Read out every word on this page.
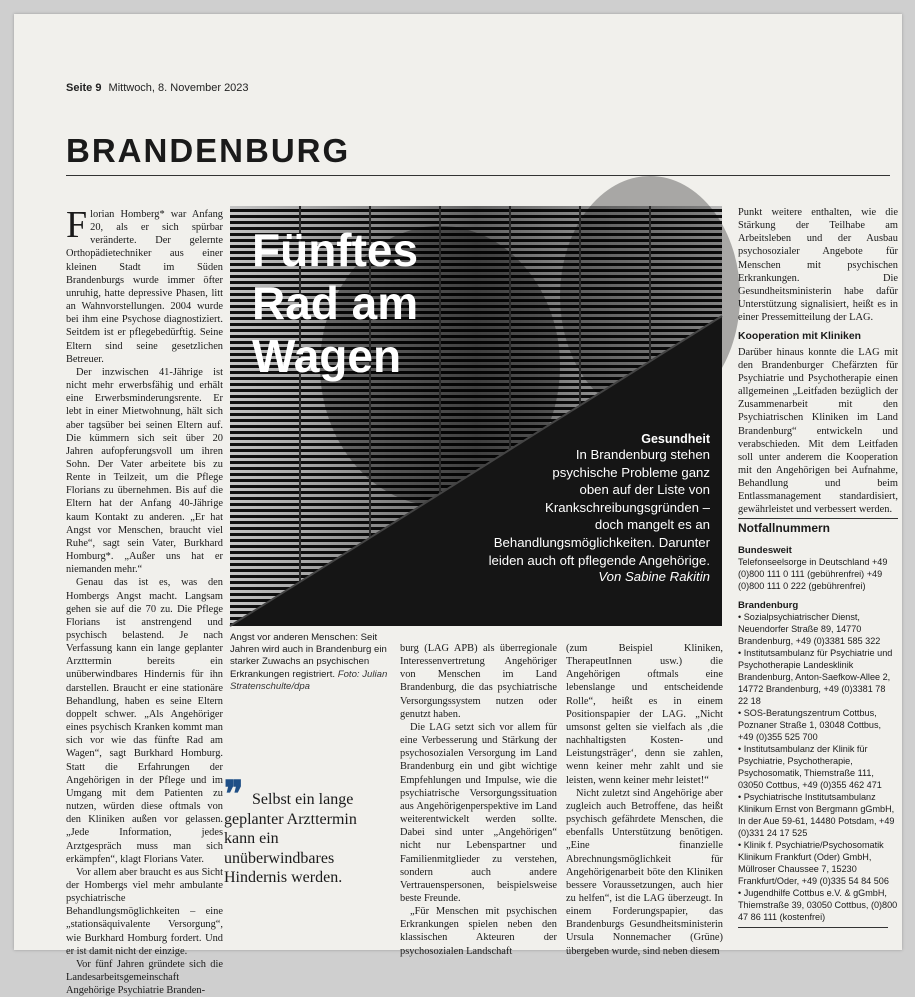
Seite 9 Mittwoch, 8. November 2023
BRANDENBURG

Florian Homberg* war Anfang 20, als er sich spürbar veränderte. Der gelernte Orthopädietechniker aus einer kleinen Stadt im Süden Brandenburgs wurde immer öfter unruhig, hatte depressive Phasen, litt an Wahnvorstellungen. 2004 wurde bei ihm eine Psychose diagnostiziert. Seitdem ist er pflegebedürftig. Seine Eltern sind seine gesetzlichen Betreuer.

Der inzwischen 41-Jährige ist nicht mehr erwerbsfähig und erhält eine Erwerbsminderungsrente. Er lebt in einer Mietwohnung, hält sich aber tagsüber bei seinen Eltern auf. Die kümmern sich seit über 20 Jahren aufopferungsvoll um ihren Sohn. Der Vater arbeitete bis zu Rente in Teilzeit, um die Pflege Florians zu übernehmen. Bis auf die Eltern hat der Anfang 40-Jährige kaum Kontakt zu anderen. „Er hat Angst vor Menschen, braucht viel Ruhe“, sagt sein Vater, Burkhard Homburg*. „Außer uns hat er niemanden mehr.“

Genau das ist es, was den Hombergs Angst macht. Langsam gehen sie auf die 70 zu. Die Pflege Florians ist anstrengend und psychisch belastend. Je nach Verfassung kann ein lange geplanter Arzttermin bereits ein unüberwindbares Hindernis für ihn darstellen. Braucht er eine stationäre Behandlung, haben es seine Eltern doppelt schwer. „Als Angehöriger eines psychisch Kranken kommt man sich vor wie das fünfte Rad am Wagen“, sagt Burkhard Homburg. Statt die Erfahrungen der Angehörigen in der Pflege und im Umgang mit dem Patienten zu nutzen, würden diese oftmals von den Kliniken außen vor gelassen. „Jede Information, jedes Arztgespräch muss man sich erkämpfen“, klagt Florians Vater.

Vor allem aber braucht es aus Sicht der Hombergs viel mehr ambulante psychiatrische Behandlungsmöglichkeiten – eine „stationsäquivalente Versorgung“, wie Burkhard Homburg fordert. Und er ist damit nicht der einzige.

Vor fünf Jahren gründete sich die Landesarbeitsgemeinschaft Angehörige Psychiatrie Branden-

Fünftes
Rad am
Wagen
Gesundheit
In Brandenburg stehen
psychische Probleme ganz
oben auf der Liste von
Krankschreibungsgründen –
doch mangelt es an
Behandlungsmöglichkeiten. Darunter
leiden auch oft pflegende Angehörige.
Von Sabine Rakitin
Angst vor anderen Menschen: Seit Jahren wird auch in Brandenburg ein starker Zuwachs an psychischen Erkrankungen registriert. Foto: Julian Stratenschulte/dpa
❞ Selbst ein lange geplanter Arzttermin kann ein unüberwindbares Hindernis werden.

burg (LAG APB) als überregionale Interessenvertretung Angehöriger von Menschen im Land Brandenburg, die das psychiatrische Versorgungssystem nutzen oder genutzt haben.

Die LAG setzt sich vor allem für eine Verbesserung und Stärkung der psychosozialen Versorgung im Land Brandenburg ein und gibt wichtige Empfehlungen und Impulse, wie die psychiatrische Versorgungssituation aus Angehörigenperspektive im Land weiterentwickelt werden sollte. Dabei sind unter „Angehörigen“ nicht nur Lebenspartner und Familienmitglieder zu verstehen, sondern auch andere Vertrauenspersonen, beispielsweise beste Freunde.

„Für Menschen mit psychischen Erkrankungen spielen neben den klassischen Akteuren der psychosozialen Landschaft

(zum Beispiel Kliniken, TherapeutInnen usw.) die Angehörigen oftmals eine lebenslange und entscheidende Rolle“, heißt es in einem Positionspapier der LAG. „Nicht umsonst gelten sie vielfach als ‚die nachhaltigsten Kosten- und Leistungsträger‘, denn sie zahlen, wenn keiner mehr zahlt und sie leisten, wenn keiner mehr leistet!“

Nicht zuletzt sind Angehörige aber zugleich auch Betroffene, das heißt psychisch gefährdete Menschen, die ebenfalls Unterstützung benötigen. „Eine finanzielle Abrechnungsmöglichkeit für Angehörigenarbeit böte den Kliniken bessere Voraussetzungen, auch hier zu helfen“, ist die LAG überzeugt. In einem Forderungspapier, das Brandenburgs Gesundheitsministerin Ursula Nonnemacher (Grüne) übergeben wurde, sind neben diesem

Punkt weitere enthalten, wie die Stärkung der Teilhabe am Arbeitsleben und der Ausbau psychosozialer Angebote für Menschen mit psychischen Erkrankungen. Die Gesundheitsministerin habe dafür Unterstützung signalisiert, heißt es in einer Pressemitteilung der LAG.

Kooperation mit Kliniken

Darüber hinaus konnte die LAG mit den Brandenburger Chefärzten für Psychiatrie und Psychotherapie einen allgemeinen „Leitfaden bezüglich der Zusammenarbeit mit den Psychiatrischen Kliniken im Land Brandenburg“ entwickeln und verabschieden. Mit dem Leitfaden soll unter anderem die Kooperation mit den Angehörigen bei Aufnahme, Behandlung und beim Entlassmanagement standardisiert, gewährleistet und verbessert werden.

Notfallnummern
Bundesweit
Telefonseelsorge in Deutschland +49 (0)800 111 0 111 (gebührenfrei) +49 (0)800 111 0 222 (gebührenfrei)
Brandenburg
• Sozialpsychiatrischer Dienst, Neuendorfer Straße 89, 14770 Brandenburg, +49 (0)3381 585 322
• Institutsambulanz für Psychiatrie und Psychotherapie Landesklinik Brandenburg, Anton-Saefkow-Allee 2, 14772 Brandenburg, +49 (0)3381 78 22 18
• SOS-Beratungszentrum Cottbus, Poznaner Straße 1, 03048 Cottbus, +49 (0)355 525 700
• Institutsambulanz der Klinik für Psychiatrie, Psychotherapie, Psychosomatik, Thiemstraße 111, 03050 Cottbus, +49 (0)355 462 471
• Psychiatrische Institutsambulanz Klinikum Ernst von Bergmann gGmbH, In der Aue 59-61, 14480 Potsdam, +49 (0)331 24 17 525
• Klinik f. Psychiatrie/Psychosomatik Klinikum Frankfurt (Oder) GmbH, Müllroser Chaussee 7, 15230 Frankfurt/Oder, +49 (0)335 54 84 506
• Jugendhilfe Cottbus e.V. & gGmbH, Thiemstraße 39, 03050 Cottbus, (0)800 47 86 111 (kostenfrei)
